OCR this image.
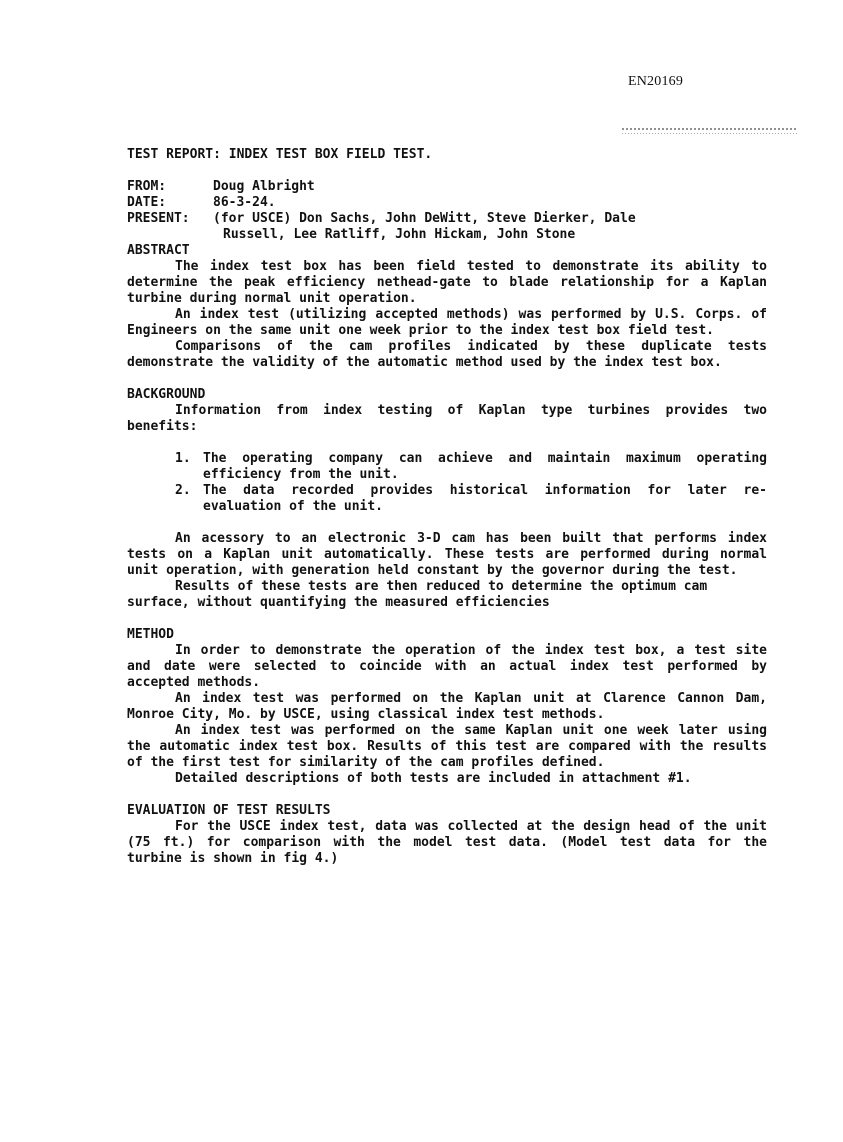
EN20169

TEST REPORT: INDEX TEST BOX FIELD TEST.
FROM:	Doug Albright
DATE:	86-3-24.
PRESENT:	(for USCE) Don Sachs, John DeWitt, Steve Dierker, Dale

Russell, Lee Ratliff, John Hickam, John Stone

ABSTRACT

The index test box has been field tested to demonstrate its ability to determine the peak efficiency nethead-gate to blade relationship for a Kaplan turbine during normal unit operation.

An index test (utilizing accepted methods) was performed by U.S. Corps. of Engineers on the same unit one week prior to the index test box field test.

Comparisons of the cam profiles indicated by these duplicate tests demonstrate the validity of the automatic method used by the index test box.

BACKGROUND

Information from index testing of Kaplan type turbines provides two benefits:

1. The operating company can achieve and maintain maximum operating efficiency from the unit.
2. The data recorded provides historical information for later re-evaluation of the unit.

An acessory to an electronic 3-D cam has been built that performs index tests on a Kaplan unit automatically. These tests are performed during normal unit operation, with generation held constant by the governor during the test.

Results of these tests are then reduced to determine the optimum cam surface, without quantifying the measured efficiencies

METHOD

In order to demonstrate the operation of the index test box, a test site and date were selected to coincide with an actual index test performed by accepted methods.

An index test was performed on the Kaplan unit at Clarence Cannon Dam, Monroe City, Mo. by USCE, using classical index test methods.

An index test was performed on the same Kaplan unit one week later using the automatic index test box. Results of this test are compared with the results of the first test for similarity of the cam profiles defined.

Detailed descriptions of both tests are included in attachment #1.

EVALUATION OF TEST RESULTS

For the USCE index test, data was collected at the design head of the unit (75 ft.) for comparison with the model test data. (Model test data for the turbine is shown in fig 4.)
